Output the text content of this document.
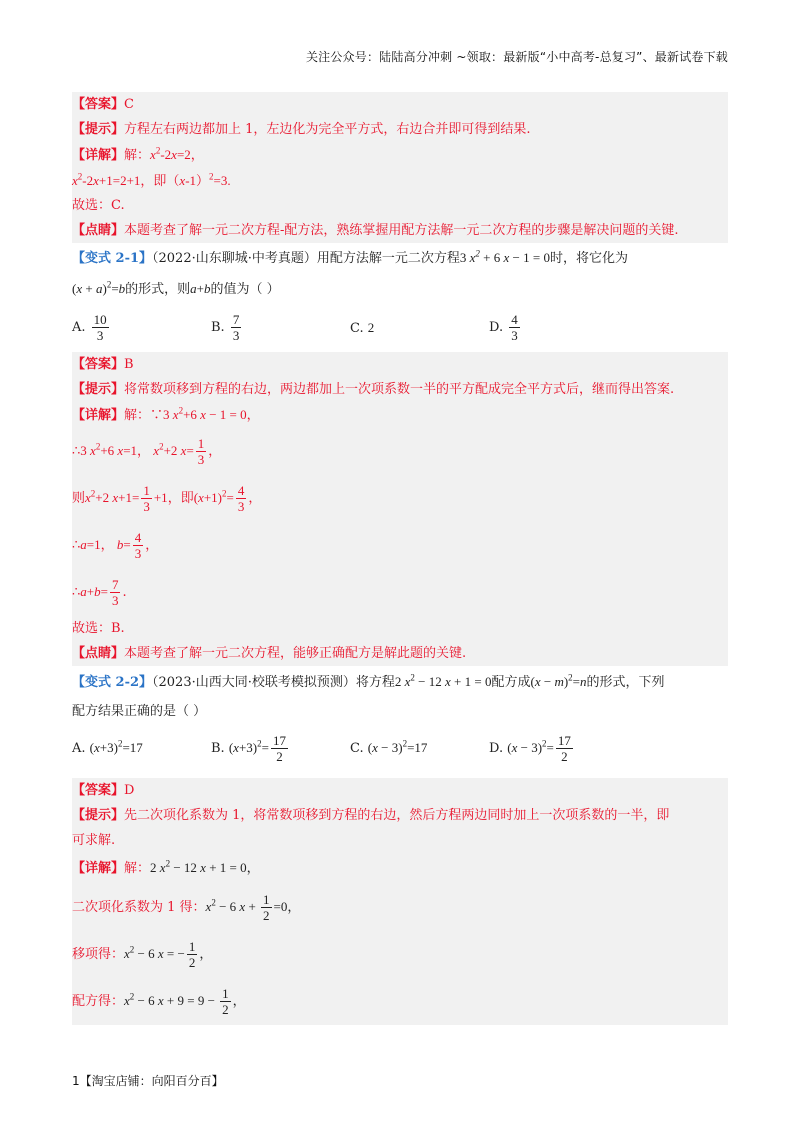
关注公众号：陆陆高分冲刺 ~领取：最新版“小中高考-总复习”、最新试卷下载
【答案】C
【提示】方程左右两边都加上 1，左边化为完全平方式，右边合并即可得到结果.
【详解】解：$x^2-2x=2$，
$x^2-2x+1=2+1$，即$(x-1)^2=3$.
故选：C.
【点睛】本题考查了解一元二次方程-配方法，熟练掌握用配方法解一元二次方程的步骤是解决问题的关键.
【变式 2-1】（2022·山东聊城·中考真题）用配方法解一元二次方程3 $x^2 + 6$ x − 1 = 0时，将它化为
$(x + a)^2=b$的形式，则a+b的值为（ ）
A. $\frac{10}{3}$	B. $\frac{7}{3}$	C. 2	D. $\frac{4}{3}$
【答案】B
【提示】将常数项移到方程的右边，两边都加上一次项系数一半的平方配成完全平方式后，继而得出答案.
【详解】解：∵3 $x^2+6$ x − 1 = 0，
∴3 $x^2+6$ x=1， $x^2+2$ $x= \frac{1}{3}$ ，
则$x^2+2$ $x+1= \frac{1}{3} +1$，即$(x+1)^2= \frac{4}{3}$ ，
∴a=1， $b= \frac{4}{3}$ ，
∴a+b= $\frac{7}{3}$ .
故选：B.
【点睛】本题考查了解一元二次方程，能够正确配方是解此题的关键.
【变式 2-2】（2023·山西大同·校联考模拟预测）将方程2 $x^2 - 12$ x + 1 = 0配方成$(x - m)^2=n$的形式，下列
配方结果正确的是（ ）
A. $(x+3)^2=17$	B. $(x+3)^2= \frac{17}{2}$	C. $(x - 3)^2=17$	D. $(x - 3)^2= \frac{17}{2}$
【答案】D
【提示】先二次项化系数为 1，将常数项移到方程的右边，然后方程两边同时加上一次项系数的一半，即
可求解.
【详解】解：2 $x^2 - 12$ x + 1 = 0，
二次项化系数为 1 得：$x^2 - 6$ $x + \frac{1}{2} =0$，
移项得：$x^2 - 6$ x = − $\frac{1}{2}$ ，
配方得：$x^2 - 6$ $x + 9 = 9 - \frac{1}{2}$ ，
1【淘宝店铺：向阳百分百】
